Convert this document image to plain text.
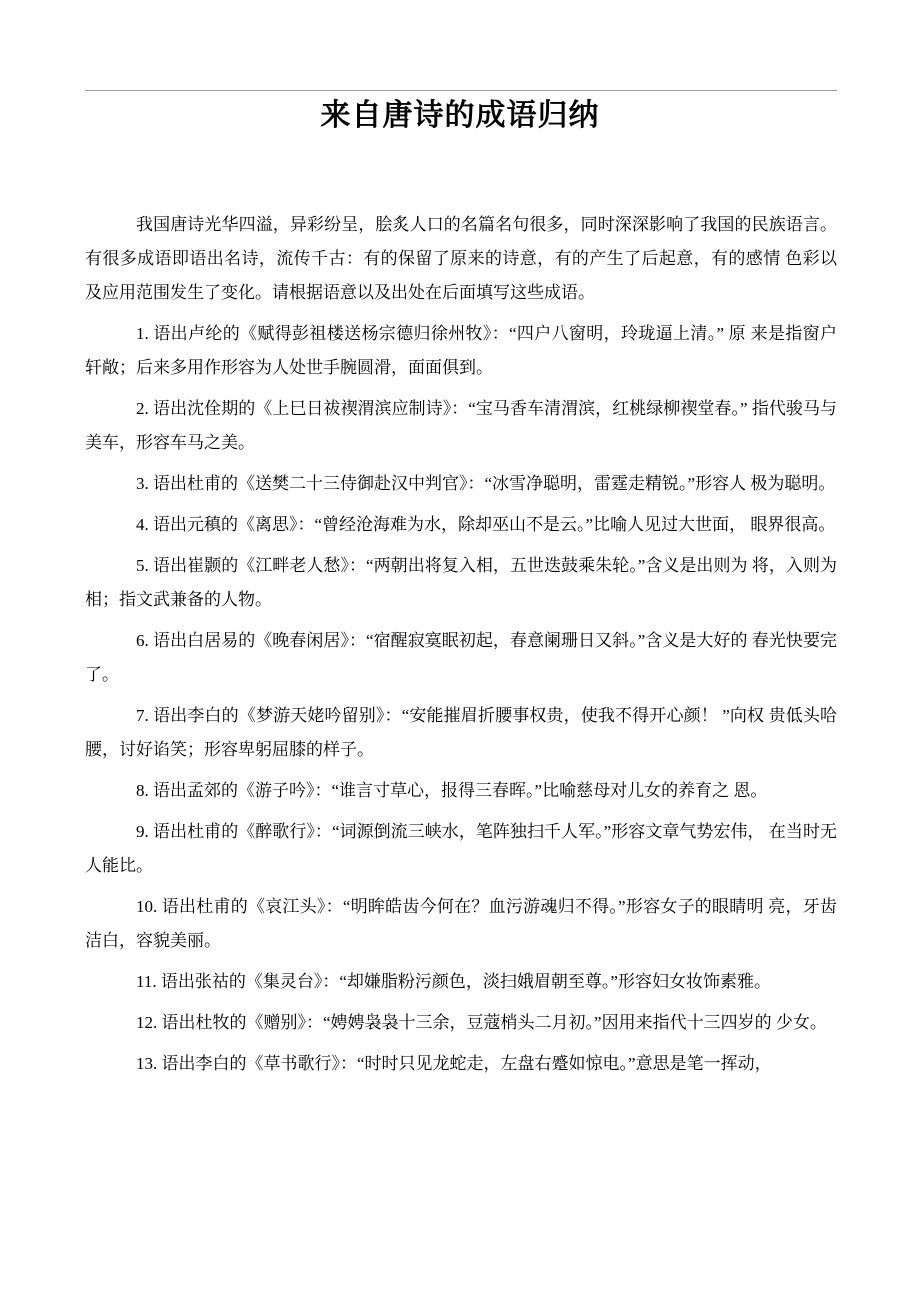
来自唐诗的成语归纳

我国唐诗光华四溢，异彩纷呈，脍炙人口的名篇名句很多，同时深深影响了我国的民族语言。有很多成语即语出名诗，流传千古：有的保留了原来的诗意，有的产生了后起意，有的感情 色彩以及应用范围发生了变化。请根据语意以及出处在后面填写这些成语。

1. 语出卢纶的《赋得彭祖楼送杨宗德归徐州牧》：“四户八窗明，玲珑逼上清。” 原 来是指窗户轩敞；后来多用作形容为人处世手腕圆滑，面面俱到。

2. 语出沈佺期的《上巳日祓禊渭滨应制诗》：“宝马香车清渭滨，红桃绿柳禊堂春。” 指代骏马与美车，形容车马之美。

3. 语出杜甫的《送樊二十三侍御赴汉中判官》：“冰雪净聪明，雷霆走精锐。”形容人 极为聪明。

4. 语出元稹的《离思》：“曾经沧海难为水，除却巫山不是云。”比喻人见过大世面， 眼界很高。

5. 语出崔颢的《江畔老人愁》：“两朝出将复入相，五世迭鼓乘朱轮。”含义是出则为 将，入则为相；指文武兼备的人物。

6. 语出白居易的《晚春闲居》：“宿醒寂寞眠初起，春意阑珊日又斜。”含义是大好的 春光快要完了。

7. 语出李白的《梦游天姥吟留别》：“安能摧眉折腰事权贵，使我不得开心颜！ ”向权 贵低头哈腰，讨好谄笑；形容卑躬屈膝的样子。

8. 语出孟郊的《游子吟》：“谁言寸草心，报得三春晖。”比喻慈母对儿女的养育之 恩。

9. 语出杜甫的《醉歌行》：“词源倒流三峡水，笔阵独扫千人军。”形容文章气势宏伟， 在当时无人能比。

10. 语出杜甫的《哀江头》：“明眸皓齿今何在？血污游魂归不得。”形容女子的眼睛明 亮，牙齿洁白，容貌美丽。

11. 语出张祜的《集灵台》：“却嫌脂粉污颜色，淡扫娥眉朝至尊。”形容妇女妆饰素雅。

12. 语出杜牧的《赠别》：“娉娉袅袅十三余，豆蔻梢头二月初。”因用来指代十三四岁的 少女。

13. 语出李白的《草书歌行》：“时时只见龙蛇走，左盘右蹙如惊电。”意思是笔一挥动，
